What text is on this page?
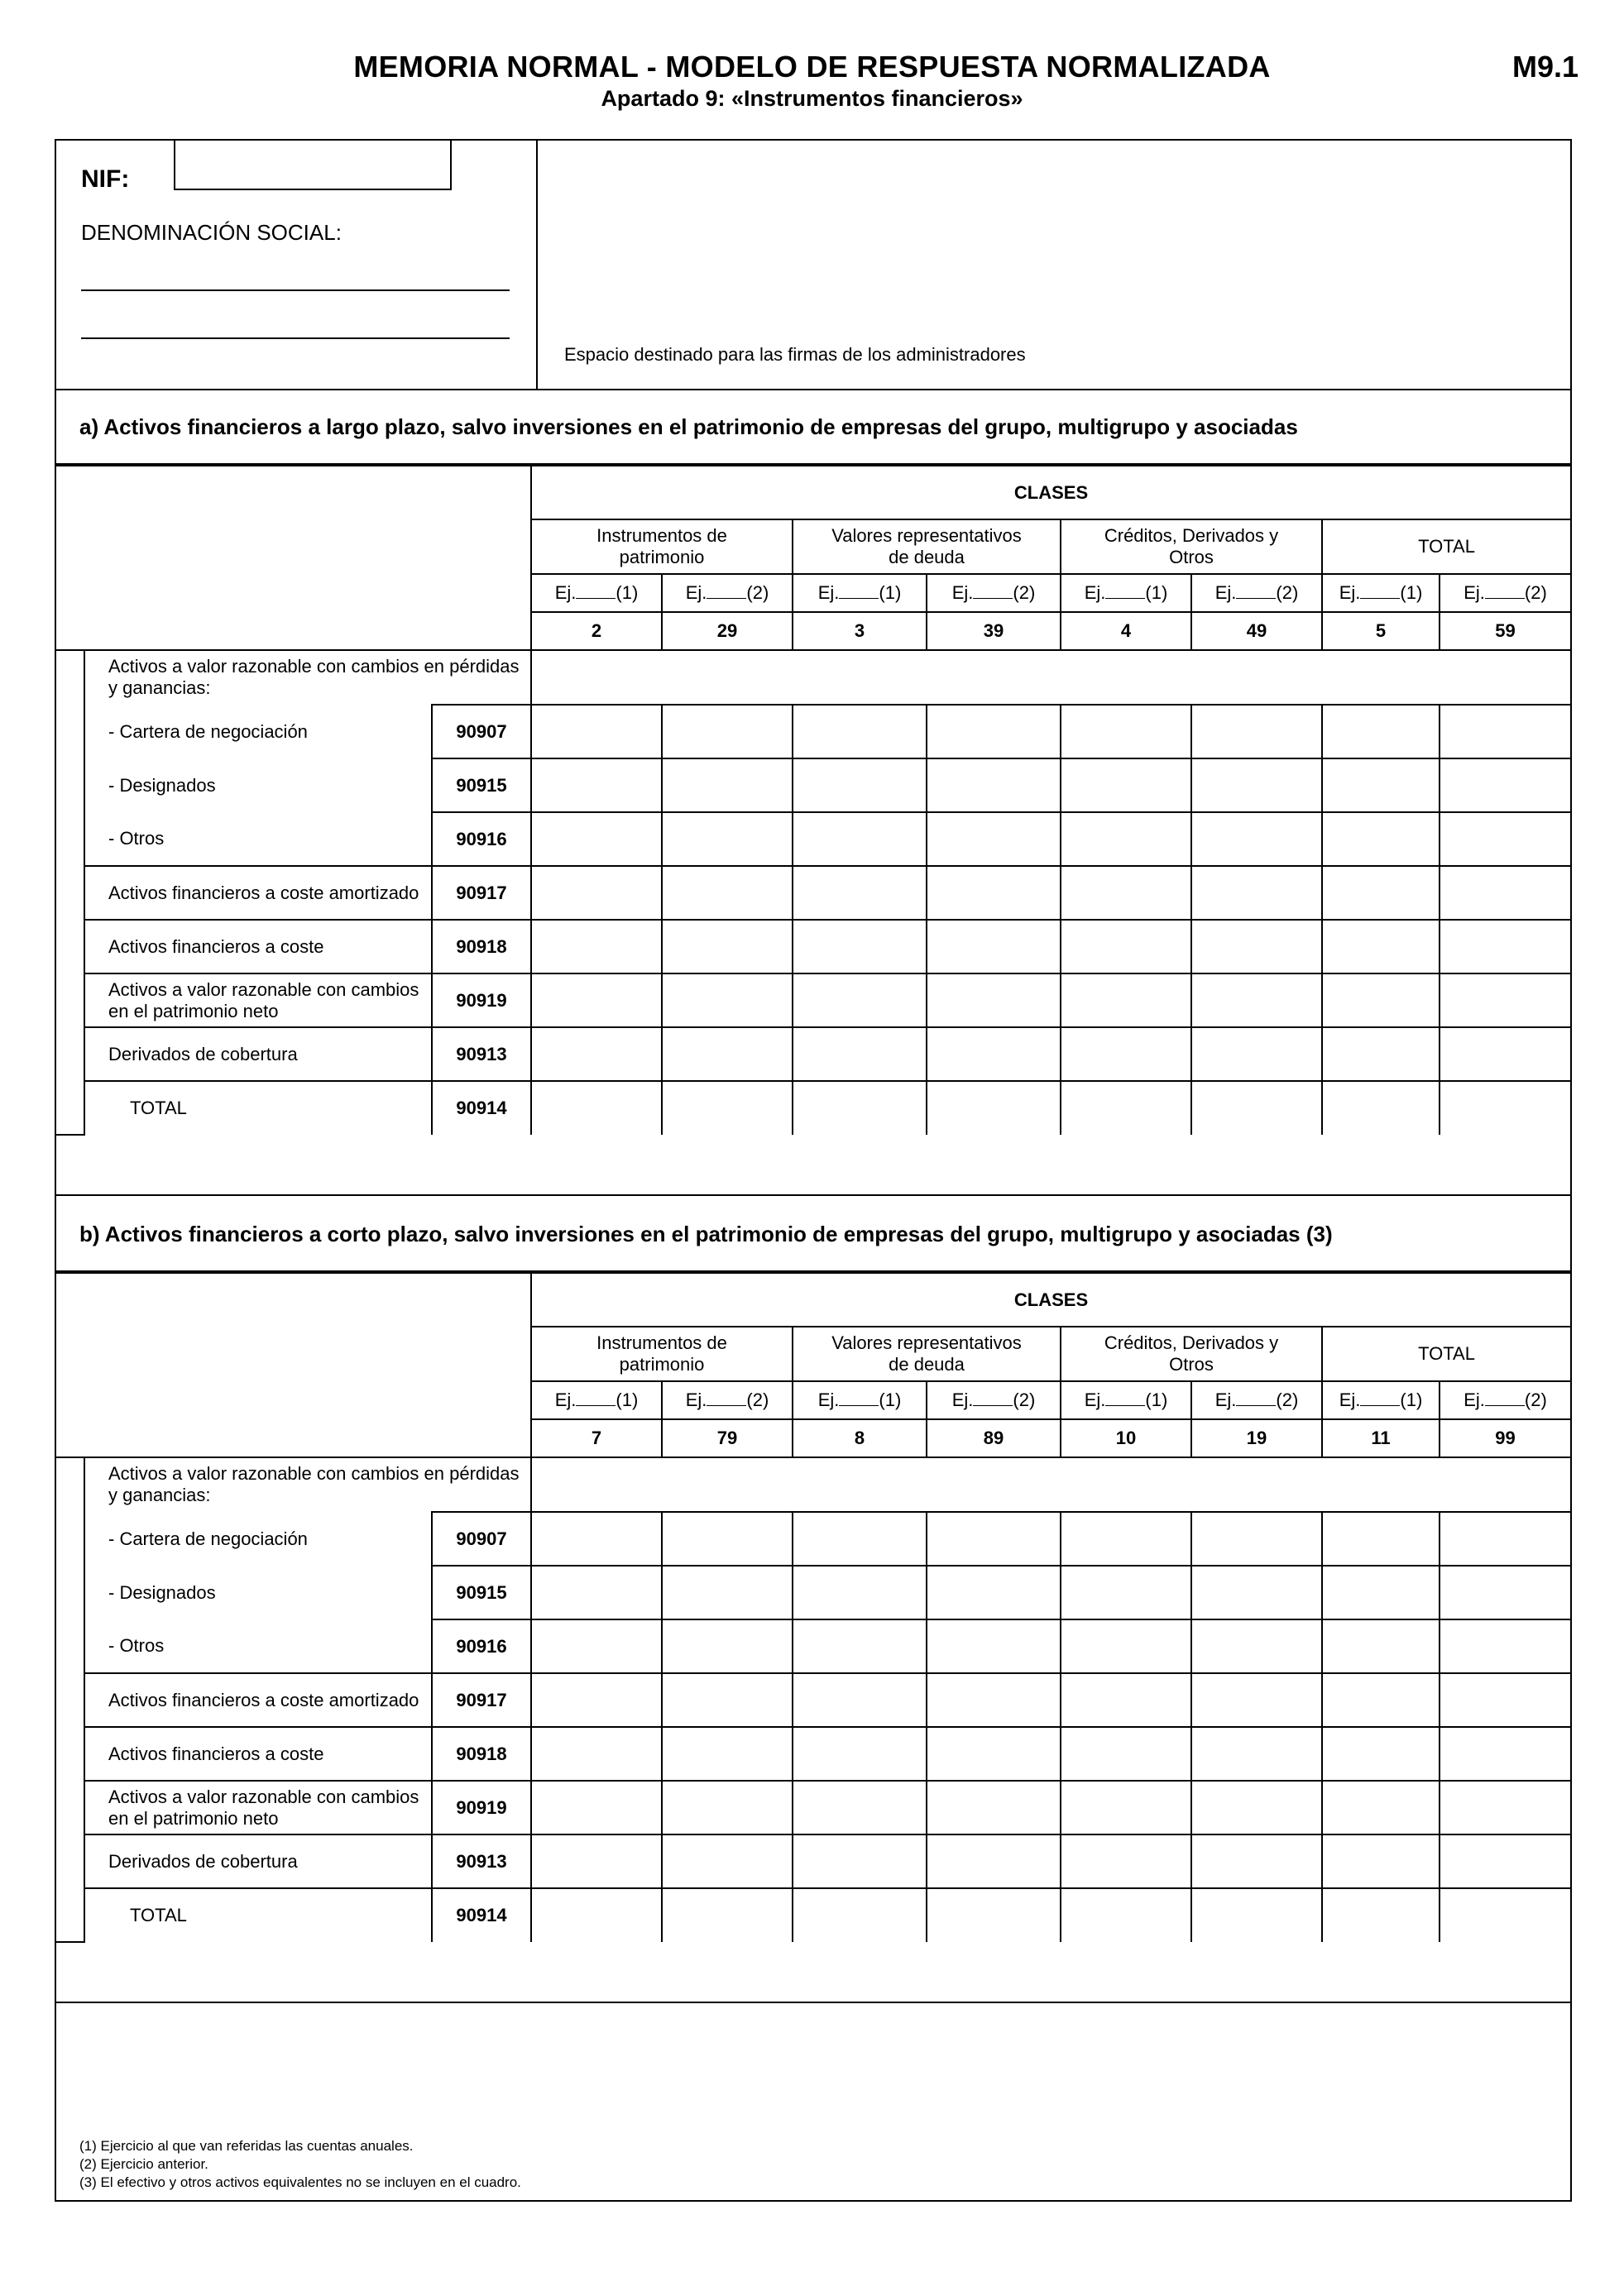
MEMORIA NORMAL - MODELO DE RESPUESTA NORMALIZADA
Apartado 9: «Instrumentos financieros»
M9.1
NIF:
DENOMINACIÓN SOCIAL:
Espacio destinado para las firmas de los administradores
a) Activos financieros a largo plazo, salvo inversiones en el patrimonio de empresas del grupo, multigrupo y asociadas
			CLASES							

			Instrumentos de patrimonio		Valores representativos de deuda		Créditos, Derivados y Otros		TOTAL	

			Ej. (1)	Ej. (2)	Ej. (1)	Ej. (2)	Ej. (1)	Ej. (2)	Ej. (1)	Ej. (2)
			2	29	3	39	4	49	5	59
	Activos a valor razonable con cambios en pérdidas y ganancias:									
	- Cartera de negociación	90907								
	- Designados	90915								
	- Otros	90916								
	Activos financieros a coste amortizado	90917								
	Activos financieros a coste	90918								
	Activos a valor razonable con cambios en el patrimonio neto	90919								
	Derivados de cobertura	90913								
	TOTAL	90914								
b) Activos financieros a corto plazo, salvo inversiones en el patrimonio de empresas del grupo, multigrupo y asociadas (3)
			CLASES							

			Instrumentos de patrimonio		Valores representativos de deuda		Créditos, Derivados y Otros		TOTAL	

			Ej. (1)	Ej. (2)	Ej. (1)	Ej. (2)	Ej. (1)	Ej. (2)	Ej. (1)	Ej. (2)
			7	79	8	89	10	19	11	99
	Activos a valor razonable con cambios en pérdidas y ganancias:									
	- Cartera de negociación	90907								
	- Designados	90915								
	- Otros	90916								
	Activos financieros a coste amortizado	90917								
	Activos financieros a coste	90918								
	Activos a valor razonable con cambios en el patrimonio neto	90919								
	Derivados de cobertura	90913								
	TOTAL	90914								
(1) Ejercicio al que van referidas las cuentas anuales.
(2) Ejercicio anterior.
(3) El efectivo y otros activos equivalentes no se incluyen en el cuadro.
